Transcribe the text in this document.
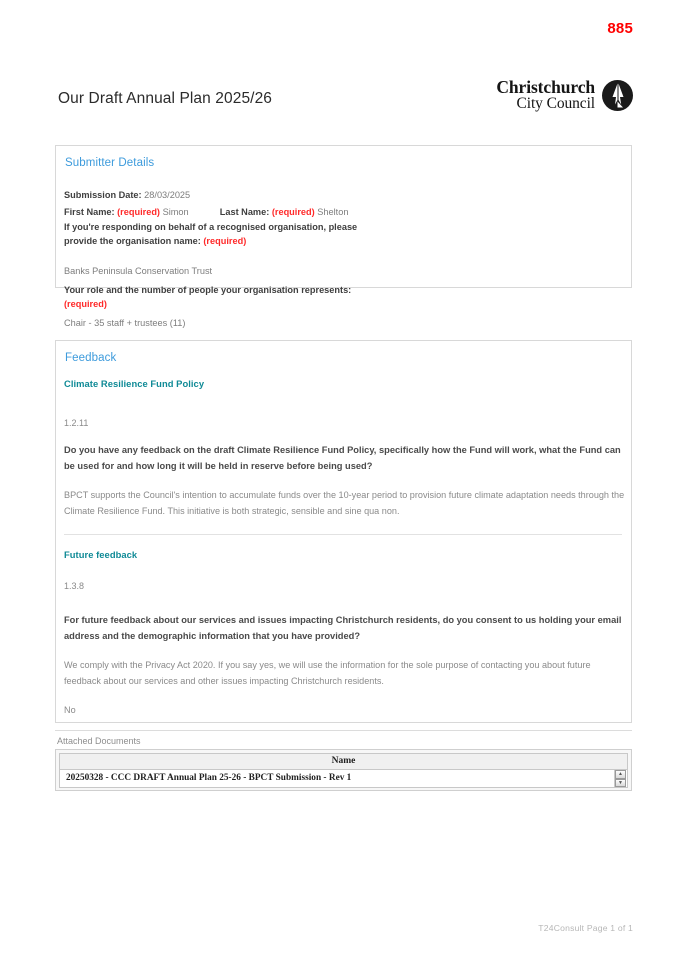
885
Our Draft Annual Plan 2025/26
Christchurch
City Council
Submitter Details
Submission Date: 28/03/2025
First Name: (required) Simon	Last Name: (required) Shelton
If you're responding on behalf of a recognised organisation, please provide the organisation name: (required)
Banks Peninsula Conservation Trust
Your role and the number of people your organisation represents: (required)
Chair - 35 staff + trustees (11)
Feedback
Climate Resilience Fund Policy
1.2.11
Do you have any feedback on the draft Climate Resilience Fund Policy, specifically how the Fund will work, what the Fund can be used for and how long it will be held in reserve before being used?
BPCT supports the Council's intention to accumulate funds over the 10-year period to provision future climate adaptation needs through the Climate Resilience Fund. This initiative is both strategic, sensible and sine qua non.
Future feedback
1.3.8
For future feedback about our services and issues impacting Christchurch residents, do you consent to us holding your email address and the demographic information that you have provided?
We comply with the Privacy Act 2020. If you say yes, we will use the information for the sole purpose of contacting you about future feedback about our services and other issues impacting Christchurch residents.
No
Attached Documents
Name
20250328 - CCC DRAFT Annual Plan 25-26 - BPCT Submission - Rev 1	▲
▼
T24Consult Page 1 of 1
